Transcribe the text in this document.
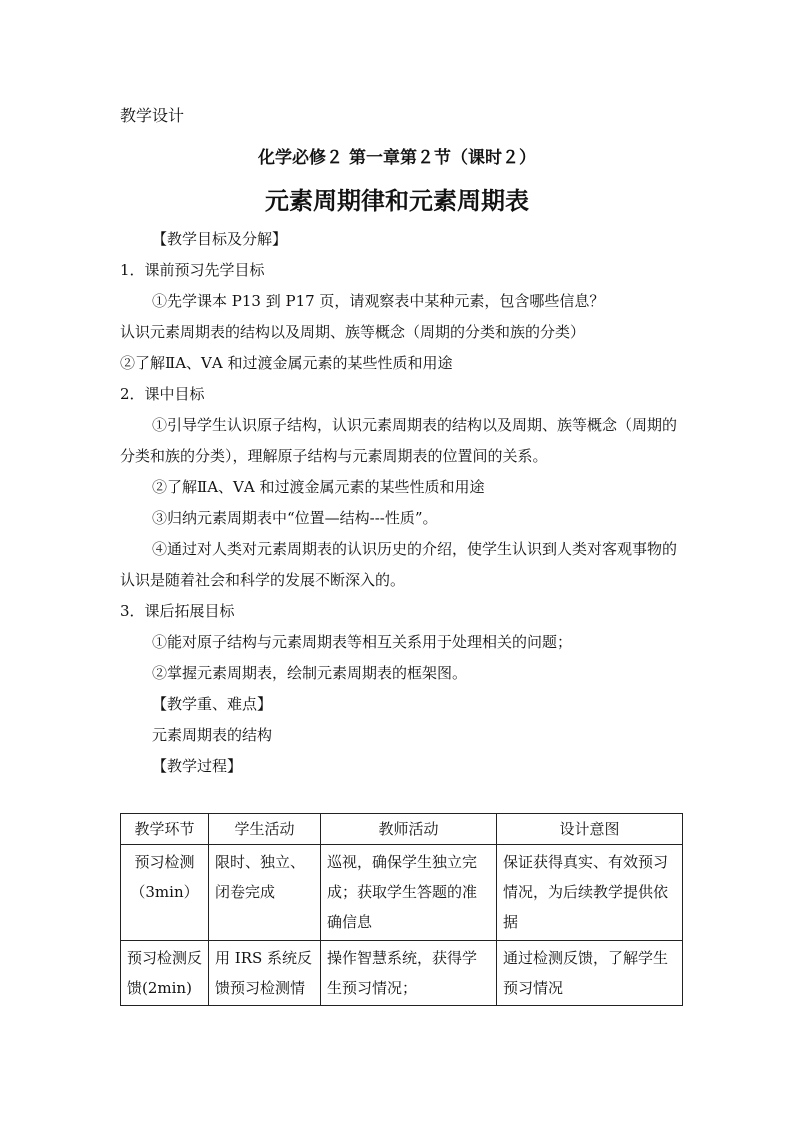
教学设计
化学必修２ 第一章第２节（课时２）
元素周期律和元素周期表
【教学目标及分解】
1．课前预习先学目标
①先学课本 P13 到 P17 页，请观察表中某种元素，包含哪些信息？
认识元素周期表的结构以及周期、族等概念（周期的分类和族的分类）
②了解ⅡA、ⅤA 和过渡金属元素的某些性质和用途
2．课中目标
①引导学生认识原子结构，认识元素周期表的结构以及周期、族等概念（周期的分类和族的分类），理解原子结构与元素周期表的位置间的关系。
②了解ⅡA、ⅤA 和过渡金属元素的某些性质和用途
③归纳元素周期表中“位置—结构---性质”。
④通过对人类对元素周期表的认识历史的介绍，使学生认识到人类对客观事物的认识是随着社会和科学的发展不断深入的。
3．课后拓展目标
①能对原子结构与元素周期表等相互关系用于处理相关的问题；
②掌握元素周期表，绘制元素周期表的框架图。
【教学重、难点】
元素周期表的结构
【教学过程】
教学环节	学生活动	教师活动	设计意图
预习检测（3min）	限时、独立、闭卷完成	巡视，确保学生独立完成；获取学生答题的准确信息	保证获得真实、有效预习情况，为后续教学提供依据
预习检测反馈(2min)	用 IRS 系统反馈预习检测情	操作智慧系统，获得学生预习情况；	通过检测反馈，了解学生预习情况
